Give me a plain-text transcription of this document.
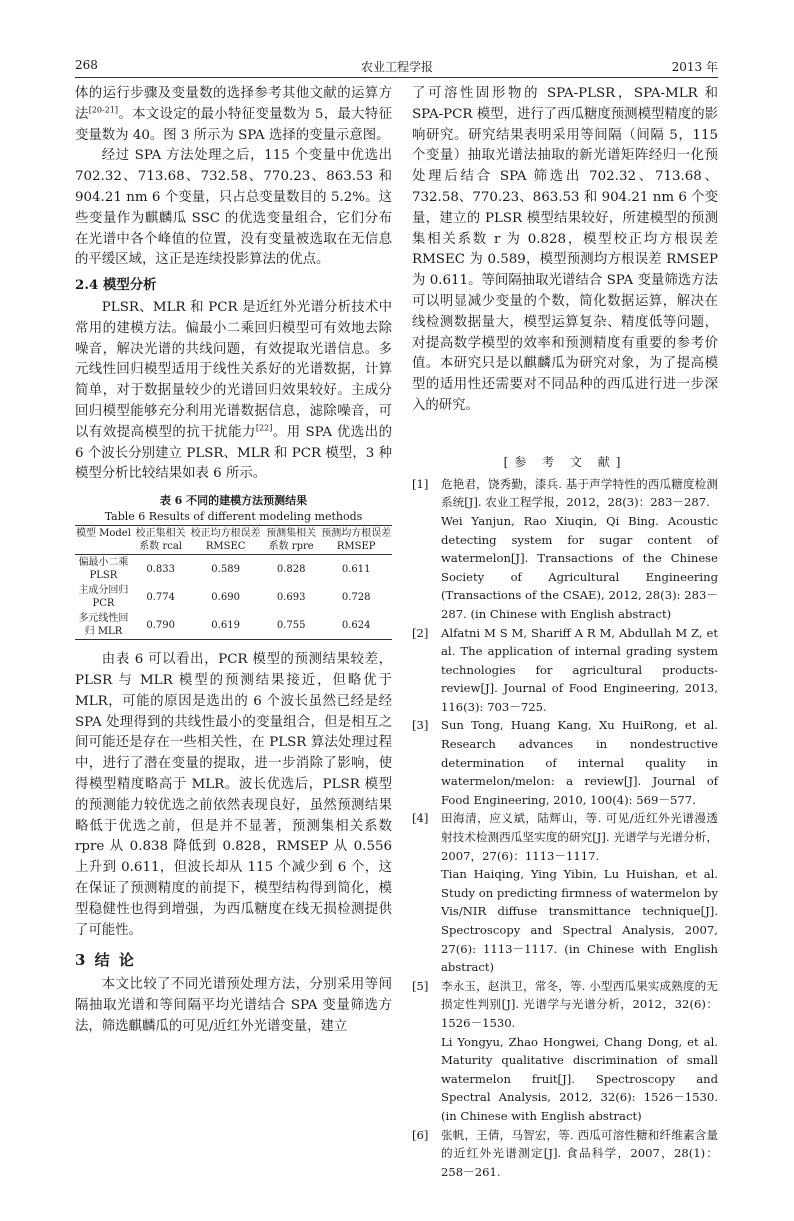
268	农业工程学报	2013 年

体的运行步骤及变量数的选择参考其他文献的运算方法[20-21]。本文设定的最小特征变量数为 5，最大特征变量数为 40。图 3 所示为 SPA 选择的变量示意图。

经过 SPA 方法处理之后，115 个变量中优选出 702.32、713.68、732.58、770.23、863.53 和 904.21 nm 6 个变量，只占总变量数目的 5.2%。这些变量作为麒麟瓜 SSC 的优选变量组合，它们分布在光谱中各个峰值的位置，没有变量被选取在无信息的平缓区域，这正是连续投影算法的优点。

2.4 模型分析

PLSR、MLR 和 PCR 是近红外光谱分析技术中常用的建模方法。偏最小二乘回归模型可有效地去除噪音，解决光谱的共线问题，有效提取光谱信息。多元线性回归模型适用于线性关系好的光谱数据，计算简单，对于数据量较少的光谱回归效果较好。主成分回归模型能够充分利用光谱数据信息，滤除噪音，可以有效提高模型的抗干扰能力[22]。用 SPA 优选出的 6 个波长分别建立 PLSR、MLR 和 PCR 模型，3 种模型分析比较结果如表 6 所示。

表 6 不同的建模方法预测结果
Table 6 Results of different modeling methods
模型 Model	校正集相关系数 rcal	校正均方根误差 RMSEC	预测集相关系数 rpre	预测均方根误差 RMSEP
偏最小二乘 PLSR	0.833	0.589	0.828	0.611
主成分回归 PCR	0.774	0.690	0.693	0.728
多元线性回归 MLR	0.790	0.619	0.755	0.624

由表 6 可以看出，PCR 模型的预测结果较差，PLSR 与 MLR 模型的预测结果接近，但略优于 MLR，可能的原因是选出的 6 个波长虽然已经是经 SPA 处理得到的共线性最小的变量组合，但是相互之间可能还是存在一些相关性，在 PLSR 算法处理过程中，进行了潜在变量的提取，进一步消除了影响，使得模型精度略高于 MLR。波长优选后，PLSR 模型的预测能力较优选之前依然表现良好，虽然预测结果略低于优选之前，但是并不显著，预测集相关系数 rpre 从 0.838 降低到 0.828，RMSEP 从 0.556 上升到 0.611，但波长却从 115 个减少到 6 个，这在保证了预测精度的前提下，模型结构得到简化，模型稳健性也得到增强，为西瓜糖度在线无损检测提供了可能性。

3 结 论

本文比较了不同光谱预处理方法，分别采用等间隔抽取光谱和等间隔平均光谱结合 SPA 变量筛选方法，筛选麒麟瓜的可见/近红外光谱变量，建立

了可溶性固形物的 SPA-PLSR，SPA-MLR 和 SPA-PCR 模型，进行了西瓜糖度预测模型精度的影响研究。研究结果表明采用等间隔（间隔 5，115 个变量）抽取光谱法抽取的新光谱矩阵经归一化预处理后结合 SPA 筛选出 702.32、713.68、732.58、770.23、863.53 和 904.21 nm 6 个变量，建立的 PLSR 模型结果较好，所建模型的预测集相关系数 r 为 0.828，模型校正均方根误差 RMSEC 为 0.589，模型预测均方根误差 RMSEP 为 0.611。等间隔抽取光谱结合 SPA 变量筛选方法可以明显减少变量的个数，简化数据运算，解决在线检测数据量大，模型运算复杂、精度低等问题，对提高数学模型的效率和预测精度有重要的参考价值。本研究只是以麒麟瓜为研究对象，为了提高模型的适用性还需要对不同品种的西瓜进行进一步深入的研究。

[参 考 文 献]
[1] 危艳君，饶秀勤，漆兵. 基于声学特性的西瓜糖度检测系统[J]. 农业工程学报，2012，28(3)：283－287.
Wei Yanjun, Rao Xiuqin, Qi Bing. Acoustic detecting system for sugar content of watermelon[J]. Transactions of the Chinese Society of Agricultural Engineering (Transactions of the CSAE), 2012, 28(3): 283－287. (in Chinese with English abstract)
[2] Alfatni M S M, Shariff A R M, Abdullah M Z, et al. The application of internal grading system technologies for agricultural products-review[J]. Journal of Food Engineering, 2013, 116(3): 703－725.
[3] Sun Tong, Huang Kang, Xu HuiRong, et al. Research advances in nondestructive determination of internal quality in watermelon/melon: a review[J]. Journal of Food Engineering, 2010, 100(4): 569－577.
[4] 田海清，应义斌，陆辉山，等. 可见/近红外光谱漫透射技术检测西瓜坚实度的研究[J]. 光谱学与光谱分析，2007，27(6)：1113－1117.
Tian Haiqing, Ying Yibin, Lu Huishan, et al. Study on predicting firmness of watermelon by Vis/NIR diffuse transmittance technique[J]. Spectroscopy and Spectral Analysis, 2007, 27(6): 1113－1117. (in Chinese with English abstract)
[5] 李永玉，赵洪卫，常冬，等. 小型西瓜果实成熟度的无损定性判别[J]. 光谱学与光谱分析，2012，32(6)：1526－1530.
Li Yongyu, Zhao Hongwei, Chang Dong, et al. Maturity qualitative discrimination of small watermelon fruit[J]. Spectroscopy and Spectral Analysis, 2012, 32(6): 1526－1530. (in Chinese with English abstract)
[6] 张帆，王倩，马智宏，等. 西瓜可溶性糖和纤维素含量的近红外光谱测定[J]. 食品科学，2007，28(1)：258－261.
